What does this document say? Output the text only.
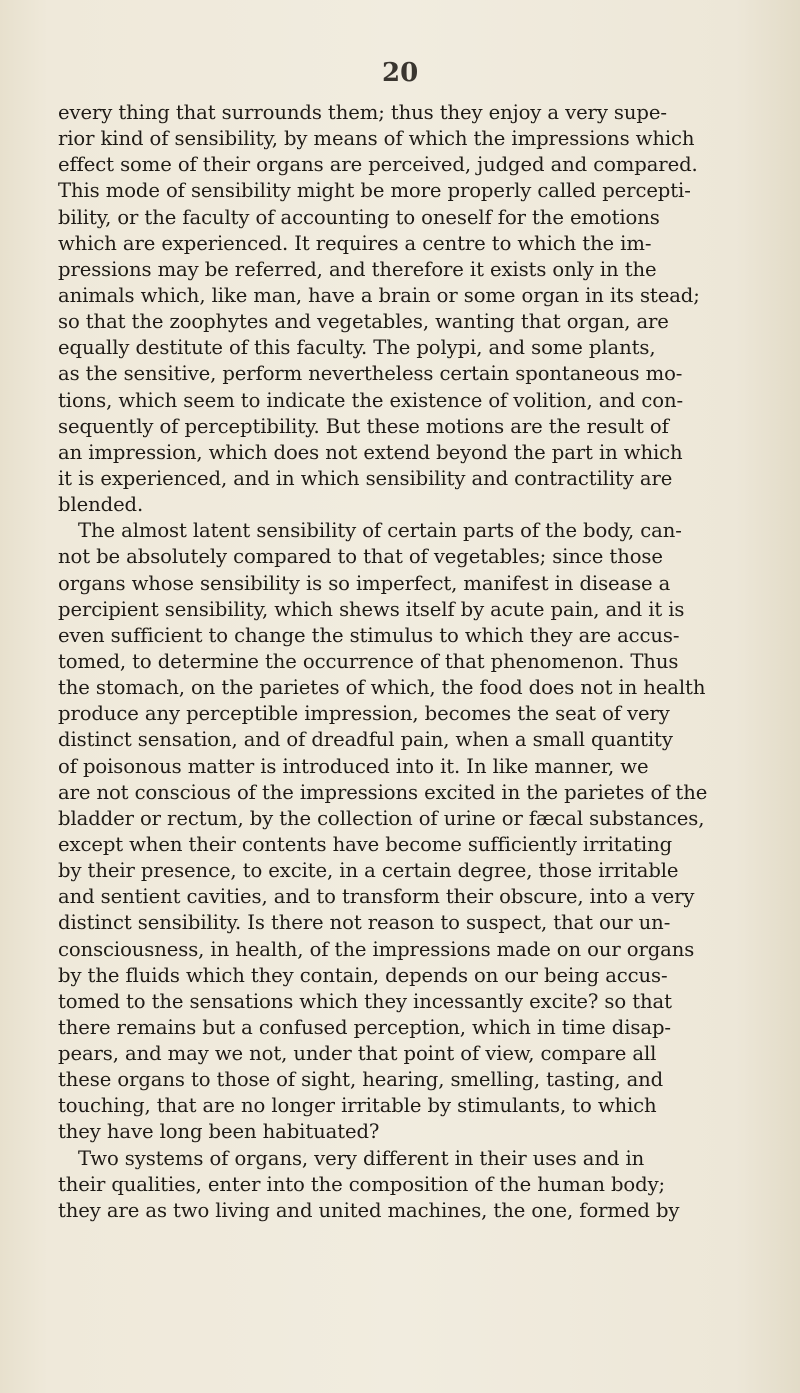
20
every thing that surrounds them; thus they enjoy a very supe-
rior kind of sensibility, by means of which the impressions which
effect some of their organs are perceived, judged and compared.
This mode of sensibility might be more properly called percepti-
bility, or the faculty of accounting to oneself for the emotions
which are experienced. It requires a centre to which the im-
pressions may be referred, and therefore it exists only in the
animals which, like man, have a brain or some organ in its stead;
so that the zoophytes and vegetables, wanting that organ, are
equally destitute of this faculty. The polypi, and some plants,
as the sensitive, perform nevertheless certain spontaneous mo-
tions, which seem to indicate the existence of volition, and con-
sequently of perceptibility. But these motions are the result of
an impression, which does not extend beyond the part in which
it is experienced, and in which sensibility and contractility are
blended.
The almost latent sensibility of certain parts of the body, can-
not be absolutely compared to that of vegetables; since those
organs whose sensibility is so imperfect, manifest in disease a
percipient sensibility, which shews itself by acute pain, and it is
even sufficient to change the stimulus to which they are accus-
tomed, to determine the occurrence of that phenomenon. Thus
the stomach, on the parietes of which, the food does not in health
produce any perceptible impression, becomes the seat of very
distinct sensation, and of dreadful pain, when a small quantity
of poisonous matter is introduced into it. In like manner, we
are not conscious of the impressions excited in the parietes of the
bladder or rectum, by the collection of urine or fæcal substances,
except when their contents have become sufficiently irritating
by their presence, to excite, in a certain degree, those irritable
and sentient cavities, and to transform their obscure, into a very
distinct sensibility. Is there not reason to suspect, that our un-
consciousness, in health, of the impressions made on our organs
by the fluids which they contain, depends on our being accus-
tomed to the sensations which they incessantly excite? so that
there remains but a confused perception, which in time disap-
pears, and may we not, under that point of view, compare all
these organs to those of sight, hearing, smelling, tasting, and
touching, that are no longer irritable by stimulants, to which
they have long been habituated?
Two systems of organs, very different in their uses and in
their qualities, enter into the composition of the human body;
they are as two living and united machines, the one, formed by
